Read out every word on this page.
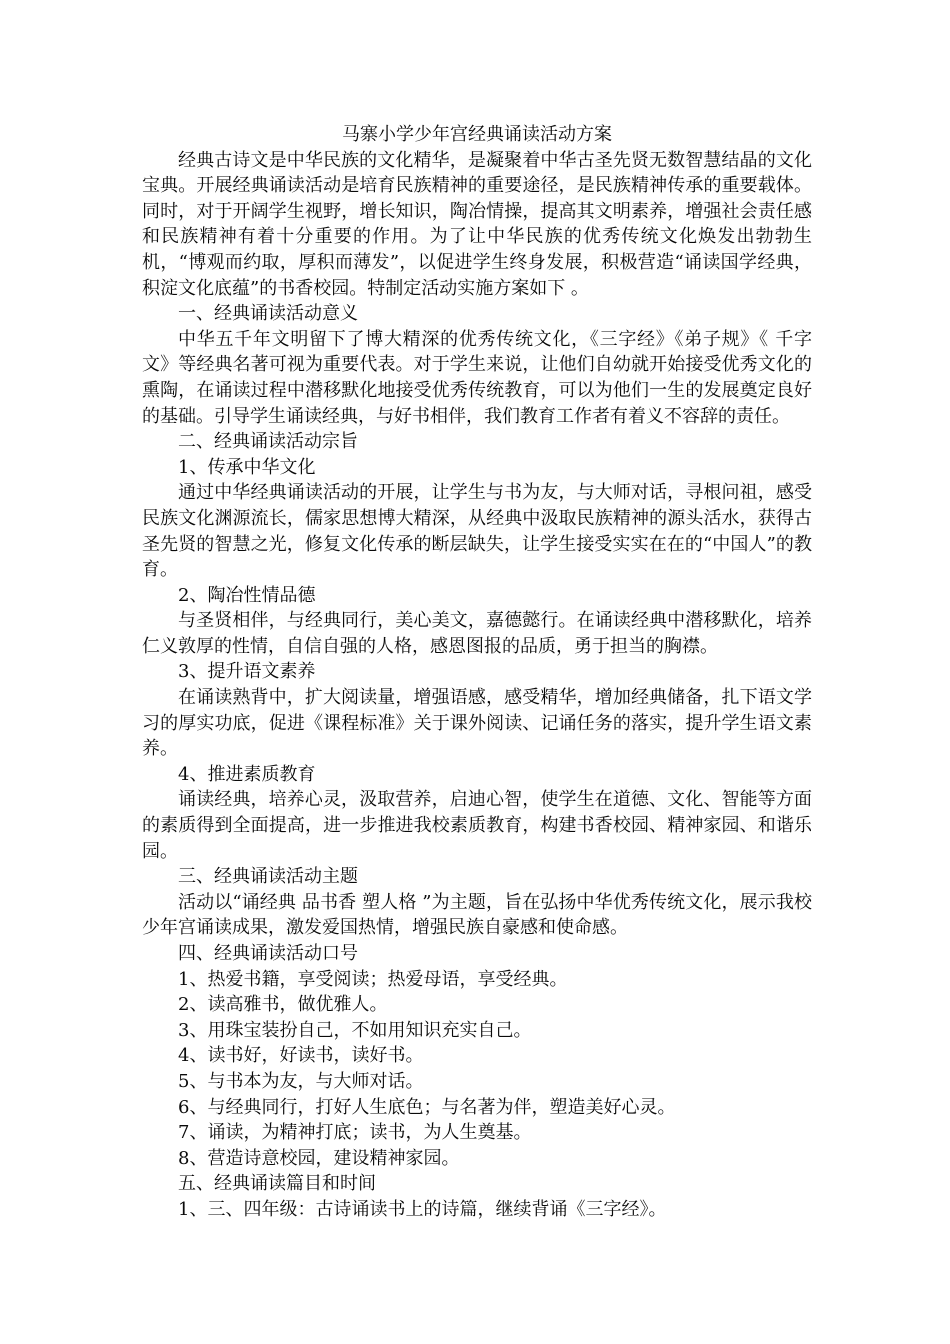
马寨小学少年宫经典诵读活动方案

经典古诗文是中华民族的文化精华，是凝聚着中华古圣先贤无数智慧结晶的文化宝典。开展经典诵读活动是培育民族精神的重要途径，是民族精神传承的重要载体。同时，对于开阔学生视野，增长知识，陶冶情操，提高其文明素养，增强社会责任感和民族精神有着十分重要的作用。为了让中华民族的优秀传统文化焕发出勃勃生机，“博观而约取，厚积而薄发”，以促进学生终身发展，积极营造“诵读国学经典，积淀文化底蕴”的书香校园。特制定活动实施方案如下 。

一、经典诵读活动意义

中华五千年文明留下了博大精深的优秀传统文化，《三字经》《弟子规》《 千字文》等经典名著可视为重要代表。对于学生来说，让他们自幼就开始接受优秀文化的熏陶，在诵读过程中潜移默化地接受优秀传统教育，可以为他们一生的发展奠定良好的基础。引导学生诵读经典，与好书相伴，我们教育工作者有着义不容辞的责任。

二、经典诵读活动宗旨

1、传承中华文化

通过中华经典诵读活动的开展，让学生与书为友，与大师对话，寻根问祖，感受民族文化渊源流长，儒家思想博大精深，从经典中汲取民族精神的源头活水，获得古圣先贤的智慧之光，修复文化传承的断层缺失，让学生接受实实在在的“中国人”的教育。

2、陶冶性情品德

与圣贤相伴，与经典同行，美心美文，嘉德懿行。在诵读经典中潜移默化，培养仁义敦厚的性情，自信自强的人格，感恩图报的品质，勇于担当的胸襟。

3、提升语文素养

在诵读熟背中，扩大阅读量，增强语感，感受精华，增加经典储备，扎下语文学习的厚实功底，促进《课程标准》关于课外阅读、记诵任务的落实，提升学生语文素养。

4、推进素质教育

诵读经典，培养心灵，汲取营养，启迪心智，使学生在道德、文化、智能等方面的素质得到全面提高，进一步推进我校素质教育，构建书香校园、精神家园、和谐乐园。

三、经典诵读活动主题

活动以“诵经典 品书香 塑人格 ”为主题，旨在弘扬中华优秀传统文化，展示我校少年宫诵读成果，激发爱国热情，增强民族自豪感和使命感。

四、经典诵读活动口号

1、热爱书籍，享受阅读；热爱母语，享受经典。

2、读高雅书，做优雅人。

3、用珠宝装扮自己，不如用知识充实自己。

4、读书好，好读书，读好书。

5、与书本为友，与大师对话。

6、与经典同行，打好人生底色；与名著为伴，塑造美好心灵。

7、诵读，为精神打底；读书，为人生奠基。

8、营造诗意校园，建设精神家园。

五、经典诵读篇目和时间

1、三、四年级：古诗诵读书上的诗篇，继续背诵《三字经》。
